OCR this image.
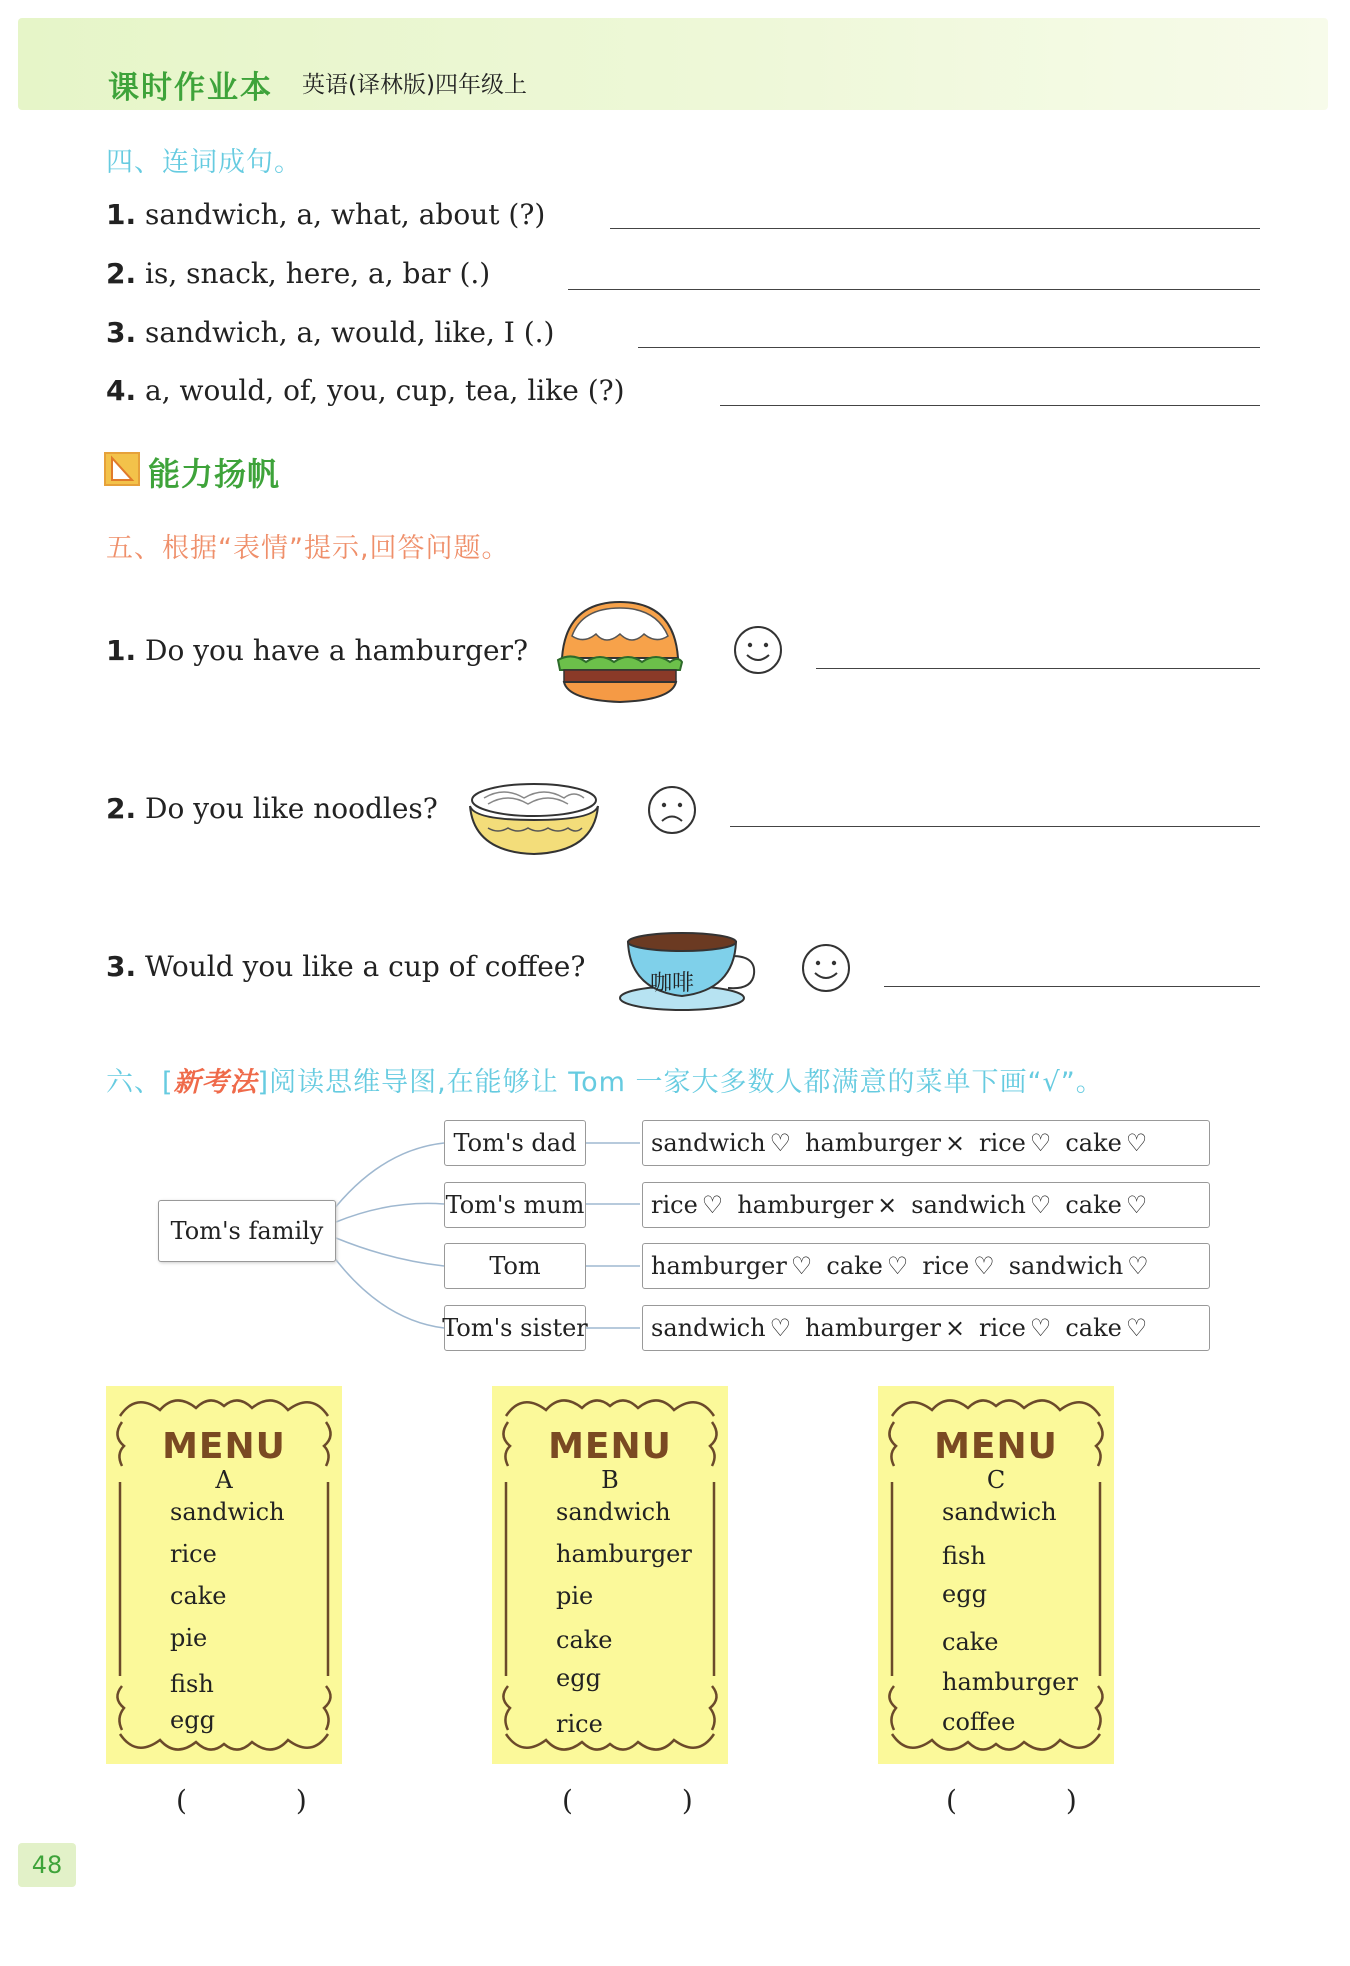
课时作业本 英语(译林版)四年级上
四、连词成句。
1. sandwich, a, what, about (?)
2. is, snack, here, a, bar (.)
3. sandwich, a, would, like, I (.)
4. a, would, of, you, cup, tea, like (?)
能力扬帆
五、根据“表情”提示,回答问题。
1. Do you have a hamburger?
2. Do you like noodles?
3. Would you like a cup of coffee?
咖啡
六、[新考法]阅读思维导图,在能够让 Tom 一家大多数人都满意的菜单下画“√”。
Tom's family
Tom's dad
Tom's mum
Tom
Tom's sister
sandwich ♡ hamburger × rice ♡ cake ♡
rice ♡ hamburger × sandwich ♡ cake ♡
hamburger ♡ cake ♡ rice ♡ sandwich ♡
sandwich ♡ hamburger × rice ♡ cake ♡
MENU
A
sandwich
rice
cake
pie
fish
egg
( )
MENU
B
sandwich
hamburger
pie
cake
egg
rice
( )
MENU
C
sandwich
fish
egg
cake
hamburger
coffee
( )
48
